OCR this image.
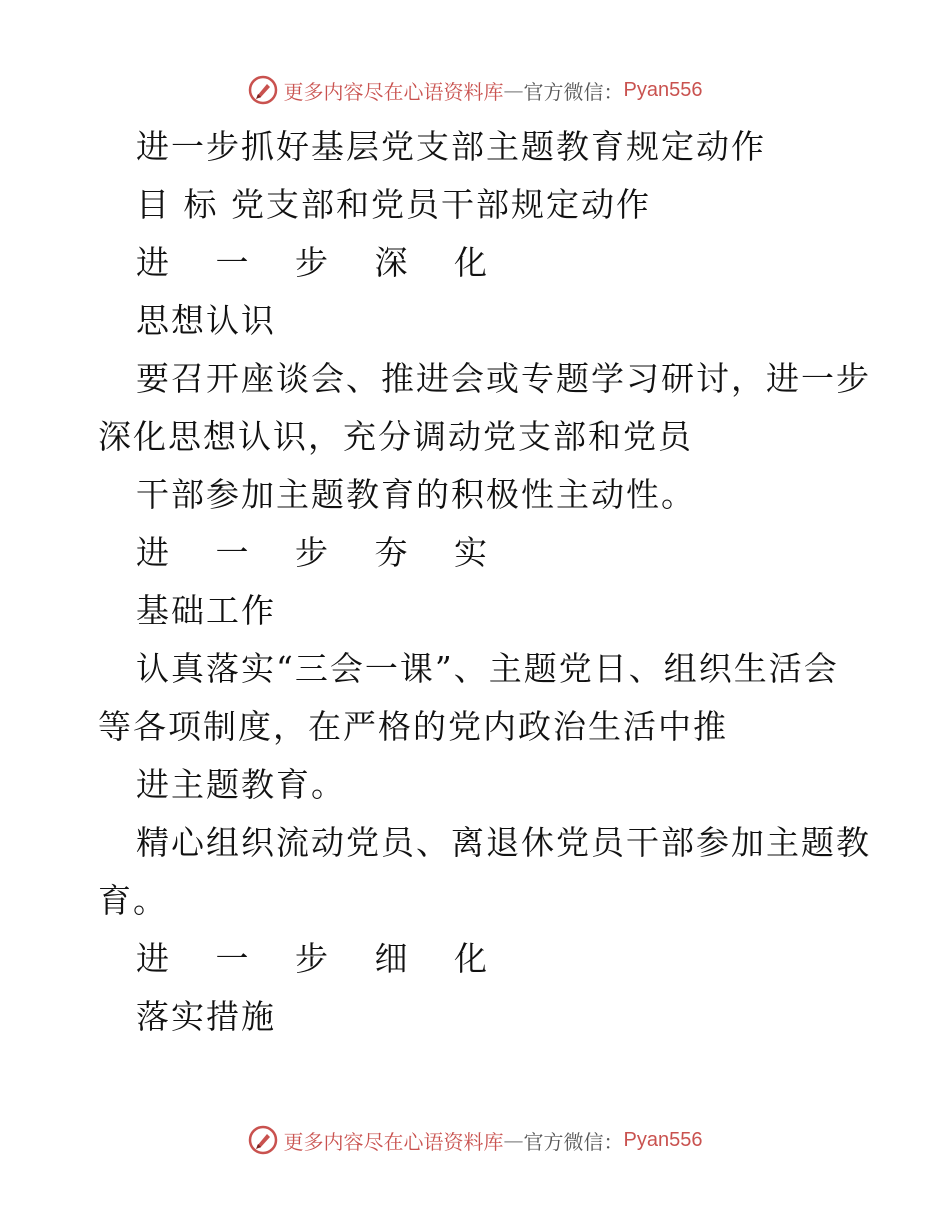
更多内容尽在心语资料库 — 官方微信： Pyan556
进一步抓好基层党支部主题教育规定动作
目 标 党支部和党员干部规定动作
进 一 步 深 化
思想认识
要召开座谈会、推进会或专题学习研讨，进一步
深化思想认识，充分调动党支部和党员
干部参加主题教育的积极性主动性。
进 一 步 夯 实
基础工作
认真落实“三会一课”、主题党日、组织生活会
等各项制度，在严格的党内政治生活中推
进主题教育。
精心组织流动党员、离退休党员干部参加主题教
育。
进 一 步 细 化
落实措施
更多内容尽在心语资料库 — 官方微信： Pyan556
